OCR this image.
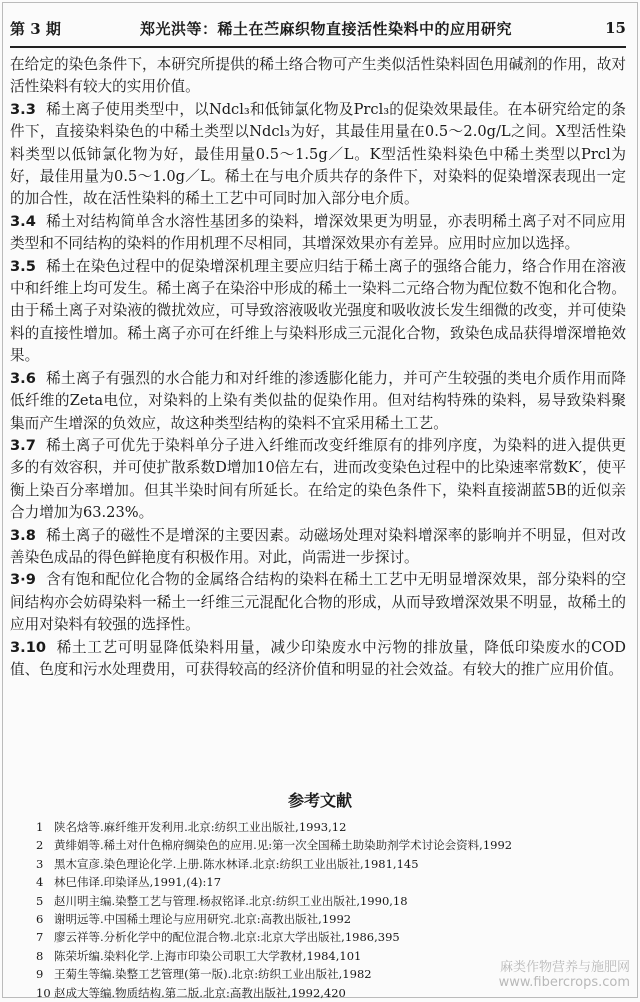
第 3 期	郑光洪等：稀土在苎麻织物直接活性染料中的应用研究	15

在给定的染色条件下，本研究所提供的稀土络合物可产生类似活性染料固色用碱剂的作用，故对活性染料有较大的实用价值。

3.3 稀土离子使用类型中，以Ndcl₃和低铈氯化物及Prcl₃的促染效果最佳。在本研究给定的条件下，直接染料染色的中稀土类型以Ndcl₃为好，其最佳用量在0.5～2.0g/L之间。X型活性染料类型以低铈氯化物为好，最佳用量0.5～1.5g／L。K型活性染料染色中稀土类型以Prcl为好，最佳用量为0.5～1.0g／L。稀土在与电介质共存的条件下，对染料的促染增深表现出一定的加合性，故在活性染料的稀土工艺中可同时加入部分电介质。

3.4 稀土对结构简单含水溶性基团多的染料，增深效果更为明显，亦表明稀土离子对不同应用类型和不同结构的染料的作用机理不尽相同，其增深效果亦有差异。应用时应加以选择。

3.5 稀土在染色过程中的促染增深机理主要应归结于稀土离子的强络合能力，络合作用在溶液中和纤维上均可发生。稀土离子在染浴中形成的稀土一染料二元络合物为配位数不饱和化合物。由于稀土离子对染液的微扰效应，可导致溶液吸收光强度和吸收波长发生细微的改变，并可使染料的直接性增加。稀土离子亦可在纤维上与染料形成三元混化合物，致染色成品获得增深增艳效果。

3.6 稀土离子有强烈的水合能力和对纤维的渗透膨化能力，并可产生较强的类电介质作用而降低纤维的Zeta电位，对染料的上染有类似盐的促染作用。但对结构特殊的染料，易导致染料聚集而产生增深的负效应，故这种类型结构的染料不宜采用稀土工艺。

3.7 稀土离子可优先于染料单分子进入纤维而改变纤维原有的排列序度，为染料的进入提供更多的有效容积，并可使扩散系数D增加10倍左右，进而改变染色过程中的比染速率常数K′，使平衡上染百分率增加。但其半染时间有所延长。在给定的染色条件下，染料直接湖蓝5B的近似亲合力增加为63.23%。

3.8 稀土离子的磁性不是增深的主要因素。动磁场处理对染料增深率的影响并不明显，但对改善染色成品的得色鲜艳度有积极作用。对此，尚需进一步探讨。

3·9 含有饱和配位化合物的金属络合结构的染料在稀土工艺中无明显增深效果，部分染料的空间结构亦会妨碍染料一稀土一纤维三元混配化合物的形成，从而导致增深效果不明显，故稀土的应用对染料有较强的选择性。

3.10 稀土工艺可明显降低染料用量，减少印染废水中污物的排放量，降低印染废水的COD值、色度和污水处理费用，可获得较高的经济价值和明显的社会效益。有较大的推广应用价值。

参考文献
1 陕名焓等.麻纤维开发利用.北京:纺织工业出版社,1993,12
2 黄绯娟等.稀土对什色棉府绸染色的应用.见:第一次全国稀土助染助剂学术讨论会资料,1992
3 黑木宣彦.染色理论化学.上册.陈水林译.北京:纺织工业出版社,1981,145
4 林巳伟译.印染译丛,1991,(4):17
5 赵川明主编.染整工艺与管理.杨叔铭译.北京:纺织工业出版社,1990,18
6 谢明远等.中国稀土理论与应用研究.北京:高教出版社,1992
7 廖云祥等.分析化学中的配位混合物.北京:北京大学出版社,1986,395
8 陈荣圻编.染料化学.上海市印染公司职工大学教材,1984,101
9 王菊生等编.染整工艺管理(第一版).北京:纺织工业出版社,1982
10 赵成大等编.物质结构.第二版.北京:高教出版社,1992,420
麻类作物营养与施肥网
www.fibercrops.com
